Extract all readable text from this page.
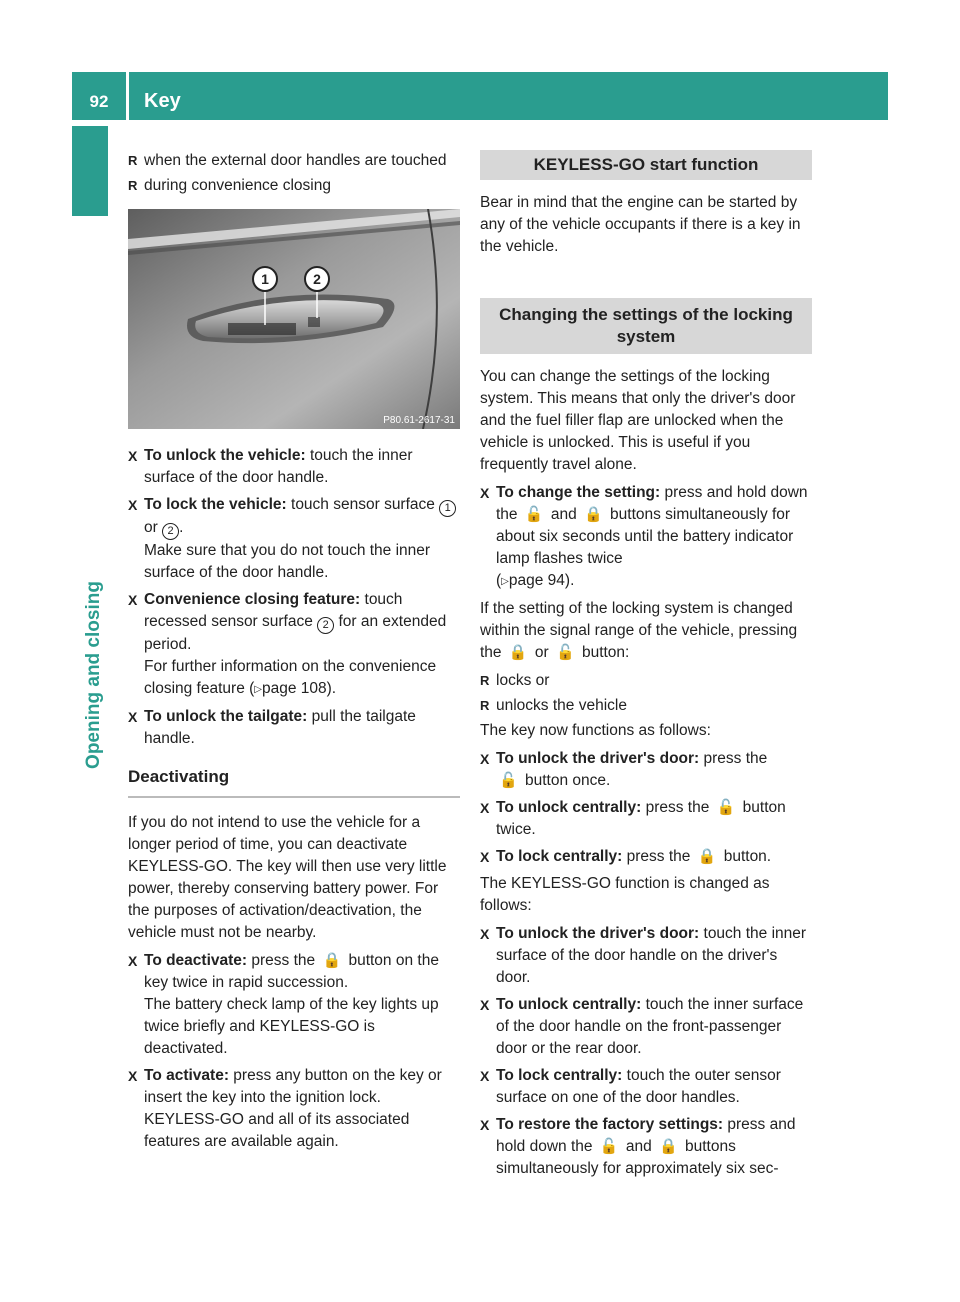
92	Key
Opening and closing
R when the external door handles are touched
R during convenience closing
1	2
P80.61-2617-31
X To unlock the vehicle: touch the inner surface of the door handle.
X To lock the vehicle: touch sensor surface 1 or 2 .

Make sure that you do not touch the inner surface of the door handle.

X Convenience closing feature: touch recessed sensor surface 2 for an extended period.

For further information on the convenience closing feature (▷page 108).

X To unlock the tailgate: pull the tailgate handle.
Deactivating

If you do not intend to use the vehicle for a longer period of time, you can deactivate KEYLESS-GO. The key will then use very little power, thereby conserving battery power. For the purposes of activation/deactivation, the vehicle must not be nearby.

X To deactivate: press the 🔒 button on the key twice in rapid succession.

The battery check lamp of the key lights up twice briefly and KEYLESS-GO is deactivated.

X To activate: press any button on the key or insert the key into the ignition lock.

KEYLESS-GO and all of its associated features are available again.

KEYLESS-GO start function

Bear in mind that the engine can be started by any of the vehicle occupants if there is a key in the vehicle.

Changing the settings of the locking system

You can change the settings of the locking system. This means that only the driver's door and the fuel filler flap are unlocked when the vehicle is unlocked. This is useful if you frequently travel alone.

X To change the setting: press and hold down the 🔓 and 🔒 buttons simultaneously for about six seconds until the battery indicator lamp flashes twice
(▷page 94).

If the setting of the locking system is changed within the signal range of the vehicle, pressing the 🔒 or 🔓 button:

R locks or
R unlocks the vehicle

The key now functions as follows:

X To unlock the driver's door: press the
🔓 button once.
X To unlock centrally: press the 🔓 button twice.
X To lock centrally: press the 🔒 button.

The KEYLESS-GO function is changed as follows:

X To unlock the driver's door: touch the inner surface of the door handle on the driver's door.
X To unlock centrally: touch the inner surface of the door handle on the front-passenger door or the rear door.
X To lock centrally: touch the outer sensor surface on one of the door handles.
X To restore the factory settings: press and hold down the 🔓 and 🔒 buttons simultaneously for approximately six sec-
